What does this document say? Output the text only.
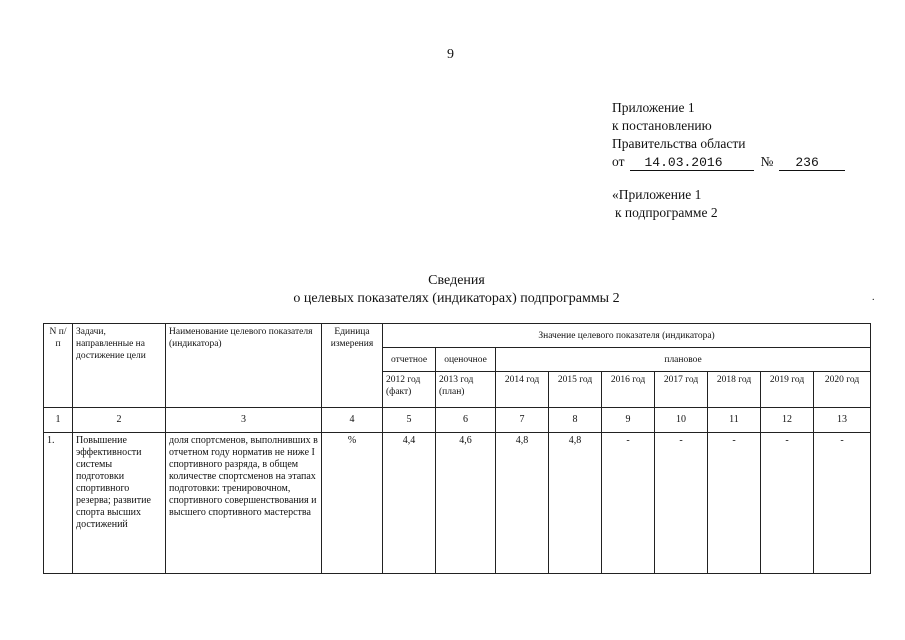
9
Приложение 1
к постановлению
Правительства области
от 14.03.2016	№ 236
«Приложение 1
к подпрограмме 2
Сведения
о целевых показателях (индикаторах) подпрограммы 2	.
N п/п	Задачи, направленные на достижение цели	Наименование целевого показателя (индикатора)	Единица измерения	Значение целевого показателя (индикатора)								
				отчетное	оценочное	плановое						
				2012 год (факт)	2013 год (план)	2014 год	2015 год	2016 год	2017 год	2018 год	2019 год	2020 год
1	2	3	4	5	6	7	8	9	10	11	12	13
1.	Повышение эффективности системы подготовки спортивного резерва; развитие спорта высших достижений	доля спортсменов, выполнивших в отчетном году норматив не ниже I спортивного разряда, в общем количестве спортсменов на этапах подготовки: тренировочном, спортивного совершенствования и высшего спортивного мастерства	%	4,4	4,6	4,8	4,8	-	-	-	-	-
